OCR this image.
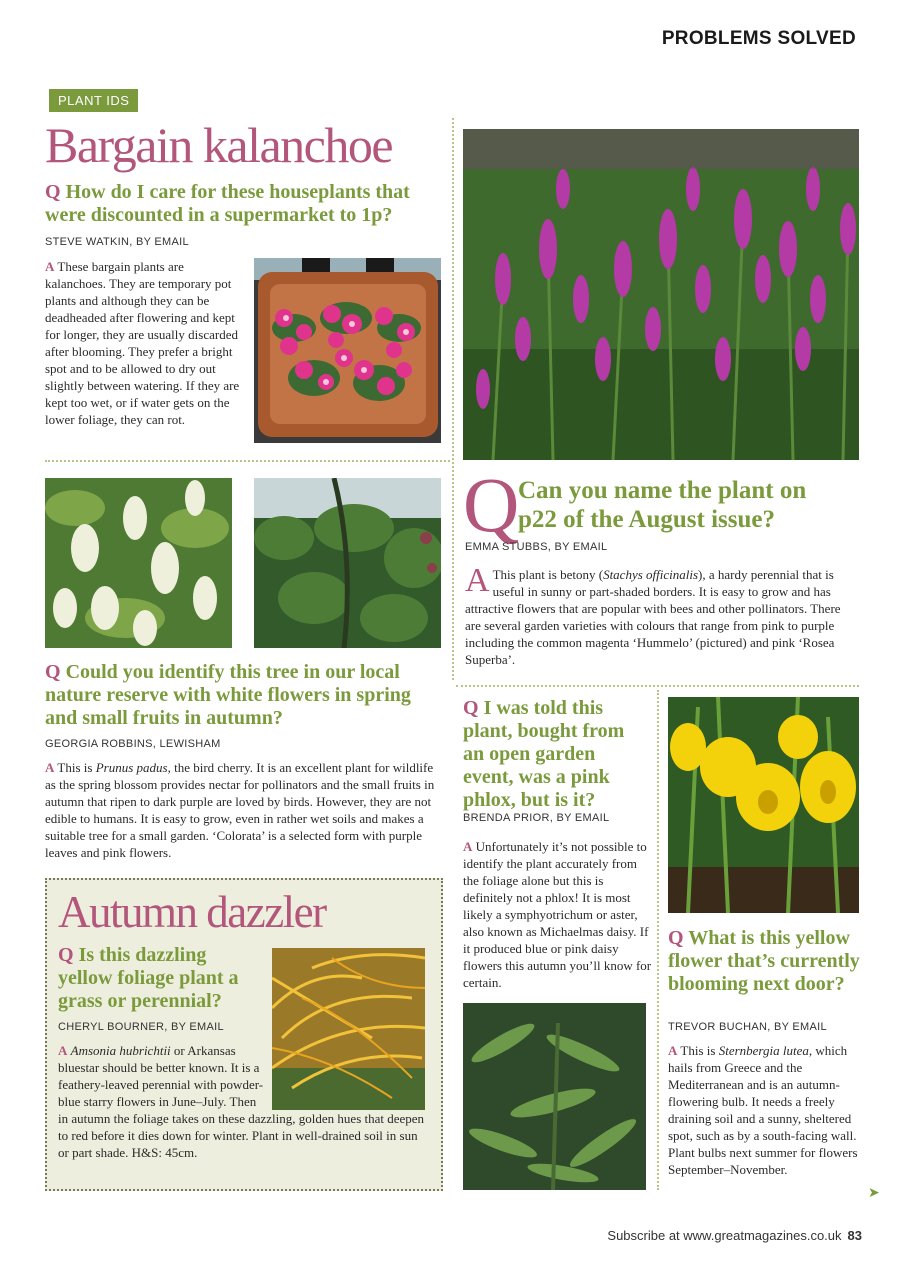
PROBLEMS SOLVED
PLANT IDS
Bargain kalanchoe
Q How do I care for these houseplants that were discounted in a supermarket to 1p?
STEVE WATKIN, BY EMAIL
A These bargain plants are kalanchoes. They are temporary pot plants and although they can be deadheaded after flowering and kept for longer, they are usually discarded after blooming. They prefer a bright spot and to be allowed to dry out slightly between watering. If they are kept too wet, or if water gets on the lower foliage, they can rot.
Q
Can you name the plant on p22 of the August issue?
EMMA STUBBS, BY EMAIL
A This plant is betony (Stachys officinalis), a hardy perennial that is useful in sunny or part-shaded borders. It is easy to grow and has attractive flowers that are popular with bees and other pollinators. There are several garden varieties with colours that range from pink to purple including the common magenta ‘Hummelo’ (pictured) and pink ‘Rosea Superba’.
Q Could you identify this tree in our local nature reserve with white flowers in spring and small fruits in autumn?
GEORGIA ROBBINS, LEWISHAM
A This is Prunus padus, the bird cherry. It is an excellent plant for wildlife as the spring blossom provides nectar for pollinators and the small fruits in autumn that ripen to dark purple are loved by birds. However, they are not edible to humans. It is easy to grow, even in rather wet soils and makes a suitable tree for a small garden. ‘Colorata’ is a selected form with purple leaves and pink flowers.
Autumn dazzler
Q Is this dazzling yellow foliage plant a grass or perennial?
CHERYL BOURNER, BY EMAIL
A Amsonia hubrichtii or Arkansas bluestar should be better known. It is a feathery-leaved perennial with powder-blue starry flowers in June–July. Then in autumn the foliage takes on these dazzling, golden hues that deepen to red before it dies down for winter. Plant in well-drained soil in sun or part shade. H&S: 45cm.
Q I was told this plant, bought from an open garden event, was a pink phlox, but is it?
BRENDA PRIOR, BY EMAIL
A Unfortunately it’s not possible to identify the plant accurately from the foliage alone but this is definitely not a phlox! It is most likely a symphyotrichum or aster, also known as Michaelmas daisy. If it produced blue or pink daisy flowers this autumn you’ll know for certain.
Q What is this yellow flower that’s currently blooming next door?
TREVOR BUCHAN, BY EMAIL
A This is Sternbergia lutea, which hails from Greece and the Mediterranean and is an autumn-flowering bulb. It needs a freely draining soil and a sunny, sheltered spot, such as by a south-facing wall. Plant bulbs next summer for flowers September–November.
➤
Subscribe at www.greatmagazines.co.uk 83
